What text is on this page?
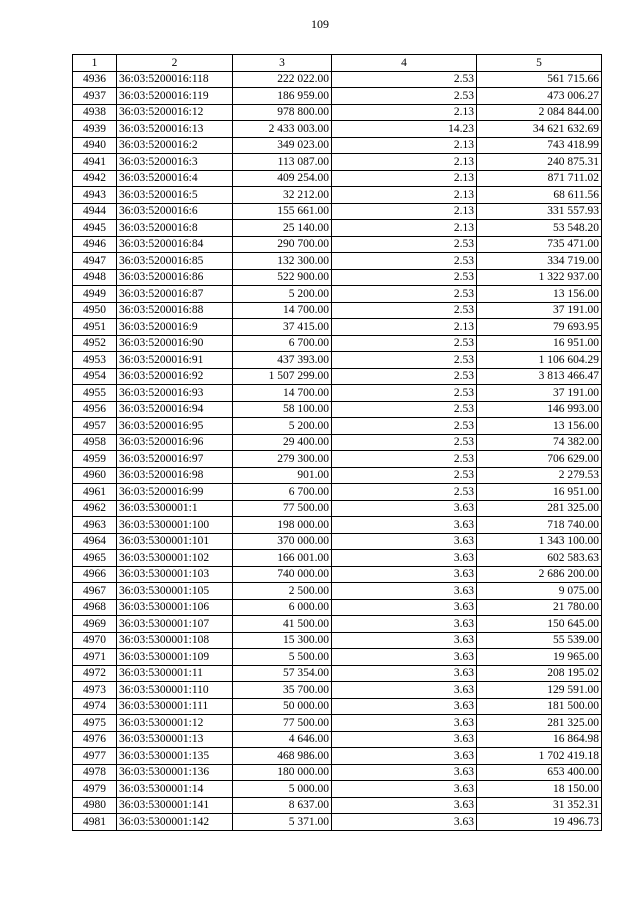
109
1	2	3	4	5
4936	36:03:5200016:118	222 022.00	2.53	561 715.66
4937	36:03:5200016:119	186 959.00	2.53	473 006.27
4938	36:03:5200016:12	978 800.00	2.13	2 084 844.00
4939	36:03:5200016:13	2 433 003.00	14.23	34 621 632.69
4940	36:03:5200016:2	349 023.00	2.13	743 418.99
4941	36:03:5200016:3	113 087.00	2.13	240 875.31
4942	36:03:5200016:4	409 254.00	2.13	871 711.02
4943	36:03:5200016:5	32 212.00	2.13	68 611.56
4944	36:03:5200016:6	155 661.00	2.13	331 557.93
4945	36:03:5200016:8	25 140.00	2.13	53 548.20
4946	36:03:5200016:84	290 700.00	2.53	735 471.00
4947	36:03:5200016:85	132 300.00	2.53	334 719.00
4948	36:03:5200016:86	522 900.00	2.53	1 322 937.00
4949	36:03:5200016:87	5 200.00	2.53	13 156.00
4950	36:03:5200016:88	14 700.00	2.53	37 191.00
4951	36:03:5200016:9	37 415.00	2.13	79 693.95
4952	36:03:5200016:90	6 700.00	2.53	16 951.00
4953	36:03:5200016:91	437 393.00	2.53	1 106 604.29
4954	36:03:5200016:92	1 507 299.00	2.53	3 813 466.47
4955	36:03:5200016:93	14 700.00	2.53	37 191.00
4956	36:03:5200016:94	58 100.00	2.53	146 993.00
4957	36:03:5200016:95	5 200.00	2.53	13 156.00
4958	36:03:5200016:96	29 400.00	2.53	74 382.00
4959	36:03:5200016:97	279 300.00	2.53	706 629.00
4960	36:03:5200016:98	901.00	2.53	2 279.53
4961	36:03:5200016:99	6 700.00	2.53	16 951.00
4962	36:03:5300001:1	77 500.00	3.63	281 325.00
4963	36:03:5300001:100	198 000.00	3.63	718 740.00
4964	36:03:5300001:101	370 000.00	3.63	1 343 100.00
4965	36:03:5300001:102	166 001.00	3.63	602 583.63
4966	36:03:5300001:103	740 000.00	3.63	2 686 200.00
4967	36:03:5300001:105	2 500.00	3.63	9 075.00
4968	36:03:5300001:106	6 000.00	3.63	21 780.00
4969	36:03:5300001:107	41 500.00	3.63	150 645.00
4970	36:03:5300001:108	15 300.00	3.63	55 539.00
4971	36:03:5300001:109	5 500.00	3.63	19 965.00
4972	36:03:5300001:11	57 354.00	3.63	208 195.02
4973	36:03:5300001:110	35 700.00	3.63	129 591.00
4974	36:03:5300001:111	50 000.00	3.63	181 500.00
4975	36:03:5300001:12	77 500.00	3.63	281 325.00
4976	36:03:5300001:13	4 646.00	3.63	16 864.98
4977	36:03:5300001:135	468 986.00	3.63	1 702 419.18
4978	36:03:5300001:136	180 000.00	3.63	653 400.00
4979	36:03:5300001:14	5 000.00	3.63	18 150.00
4980	36:03:5300001:141	8 637.00	3.63	31 352.31
4981	36:03:5300001:142	5 371.00	3.63	19 496.73
